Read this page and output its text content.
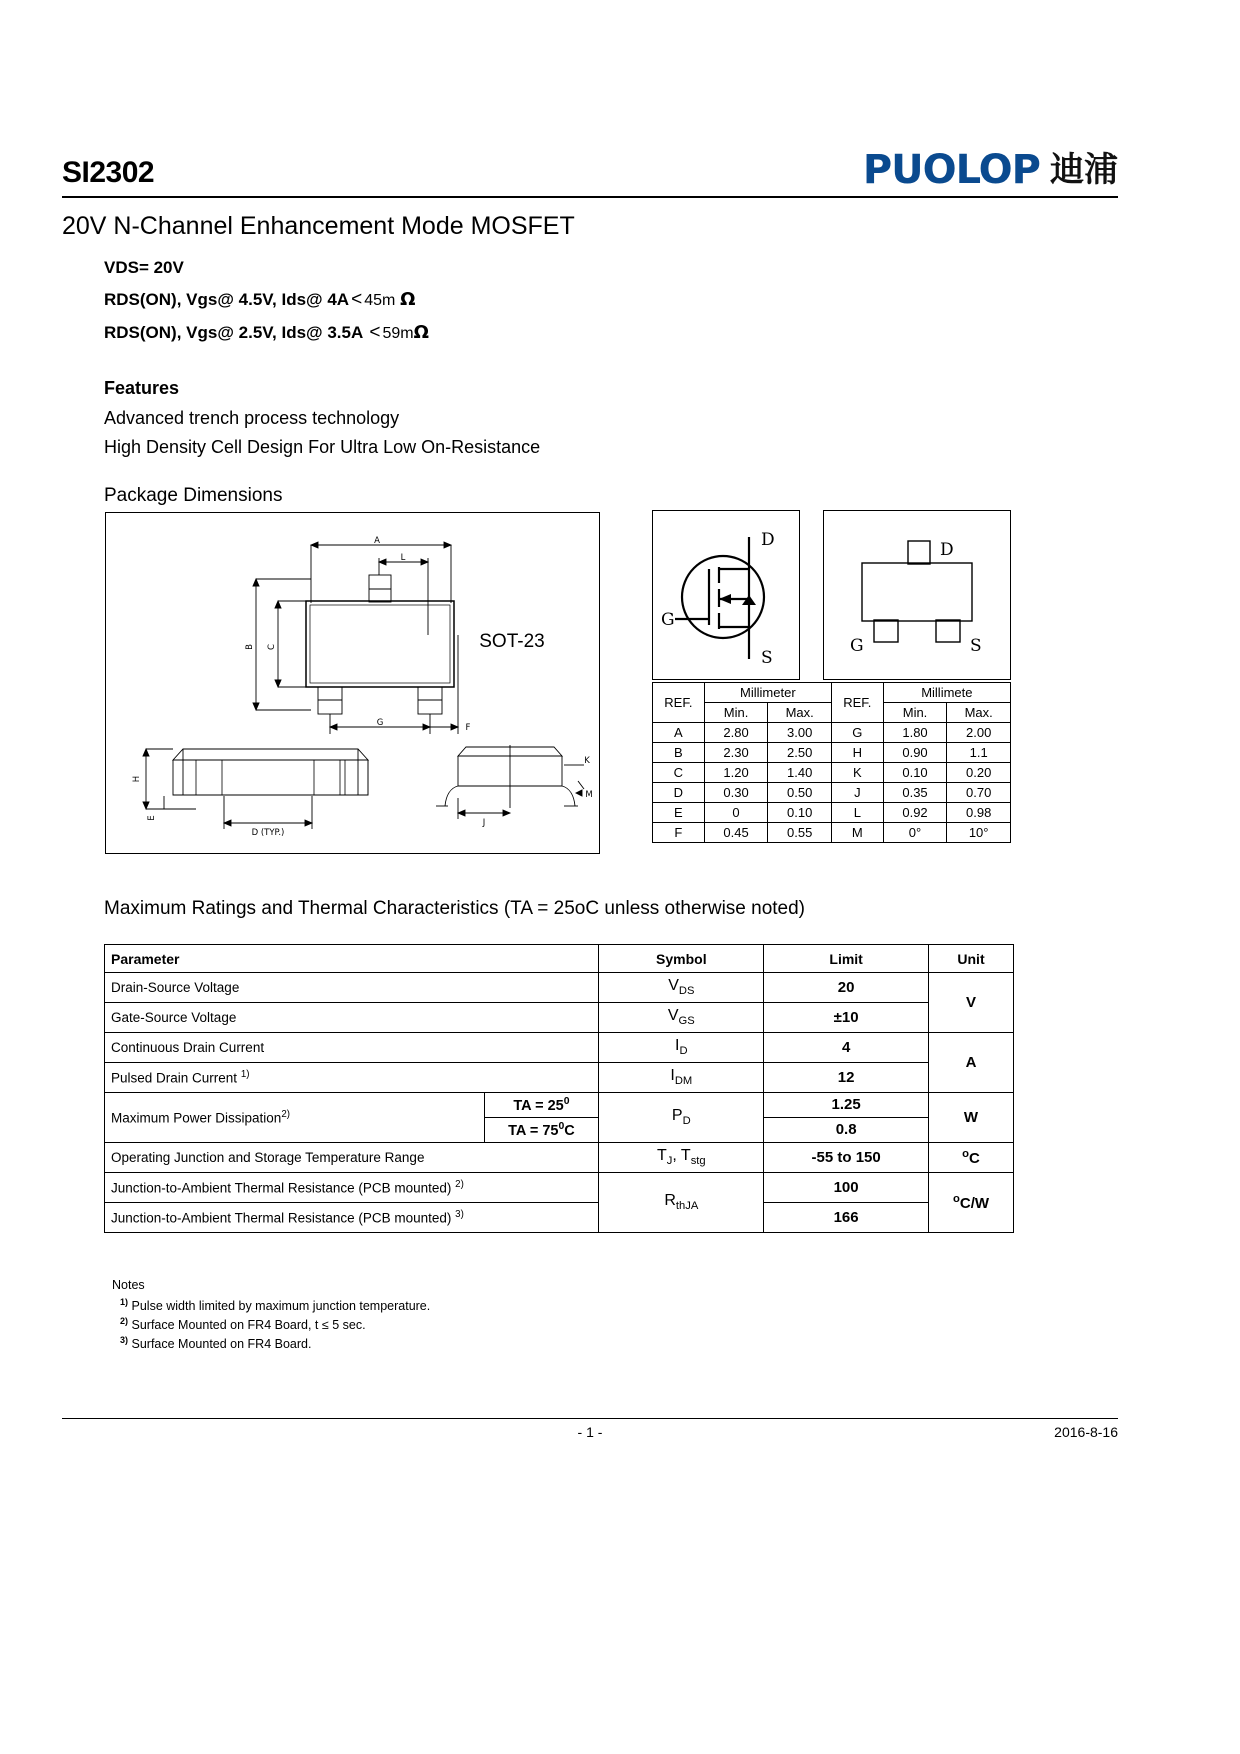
SI2302	PUOLOP 迪浦
20V N-Channel Enhancement Mode MOSFET
VDS= 20V
RDS(ON), Vgs@ 4.5V, Ids@ 4A < 45m Ω
RDS(ON), Vgs@ 2.5V, Ids@ 3.5A < 59mΩ
Features

Advanced trench process technology

High Density Cell Design For Ultra Low On-Resistance

Package Dimensions
A
L
B C
G	F
H
E
D (TYP.)
J
K
M
SOT-23
D
G
S
D
G	S
REF.	Millimeter		REF.	Millimete	
	Min.	Max.		Min.	Max.
A	2.80	3.00	G	1.80	2.00
B	2.30	2.50	H	0.90	1.1
C	1.20	1.40	K	0.10	0.20
D	0.30	0.50	J	0.35	0.70
E	0	0.10	L	0.92	0.98
F	0.45	0.55	M	0°	10°
Maximum Ratings and Thermal Characteristics (TA = 25oC unless otherwise noted)
Parameter		Symbol	Limit	Unit
Drain-Source Voltage		$V_{DS}$	20	V
Gate-Source Voltage		$V_{GS}$	±10	
Continuous Drain Current		$I_D$	4	A
Pulsed Drain Current $^{1)}$		$I_{DM}$	12	
Maximum Power Dissipation$^{2)}$	TA = $25^0$	$P_D$	1.25	W
	TA = $75^0C$		0.8	
Operating Junction and Storage Temperature Range		$T_J$, $T_{stg}$	-55 to 150	$^o$C
Junction-to-Ambient Thermal Resistance (PCB mounted) $^{2)}$		$R_{thJA}$	100	$^o$C/W
Junction-to-Ambient Thermal Resistance (PCB mounted) $^{3)}$			166	
Notes
$^{1)}$ Pulse width limited by maximum junction temperature.
$^{2)}$ Surface Mounted on FR4 Board, t ≤ 5 sec.
$^{3)}$ Surface Mounted on FR4 Board.
- 1 -	2016-8-16
